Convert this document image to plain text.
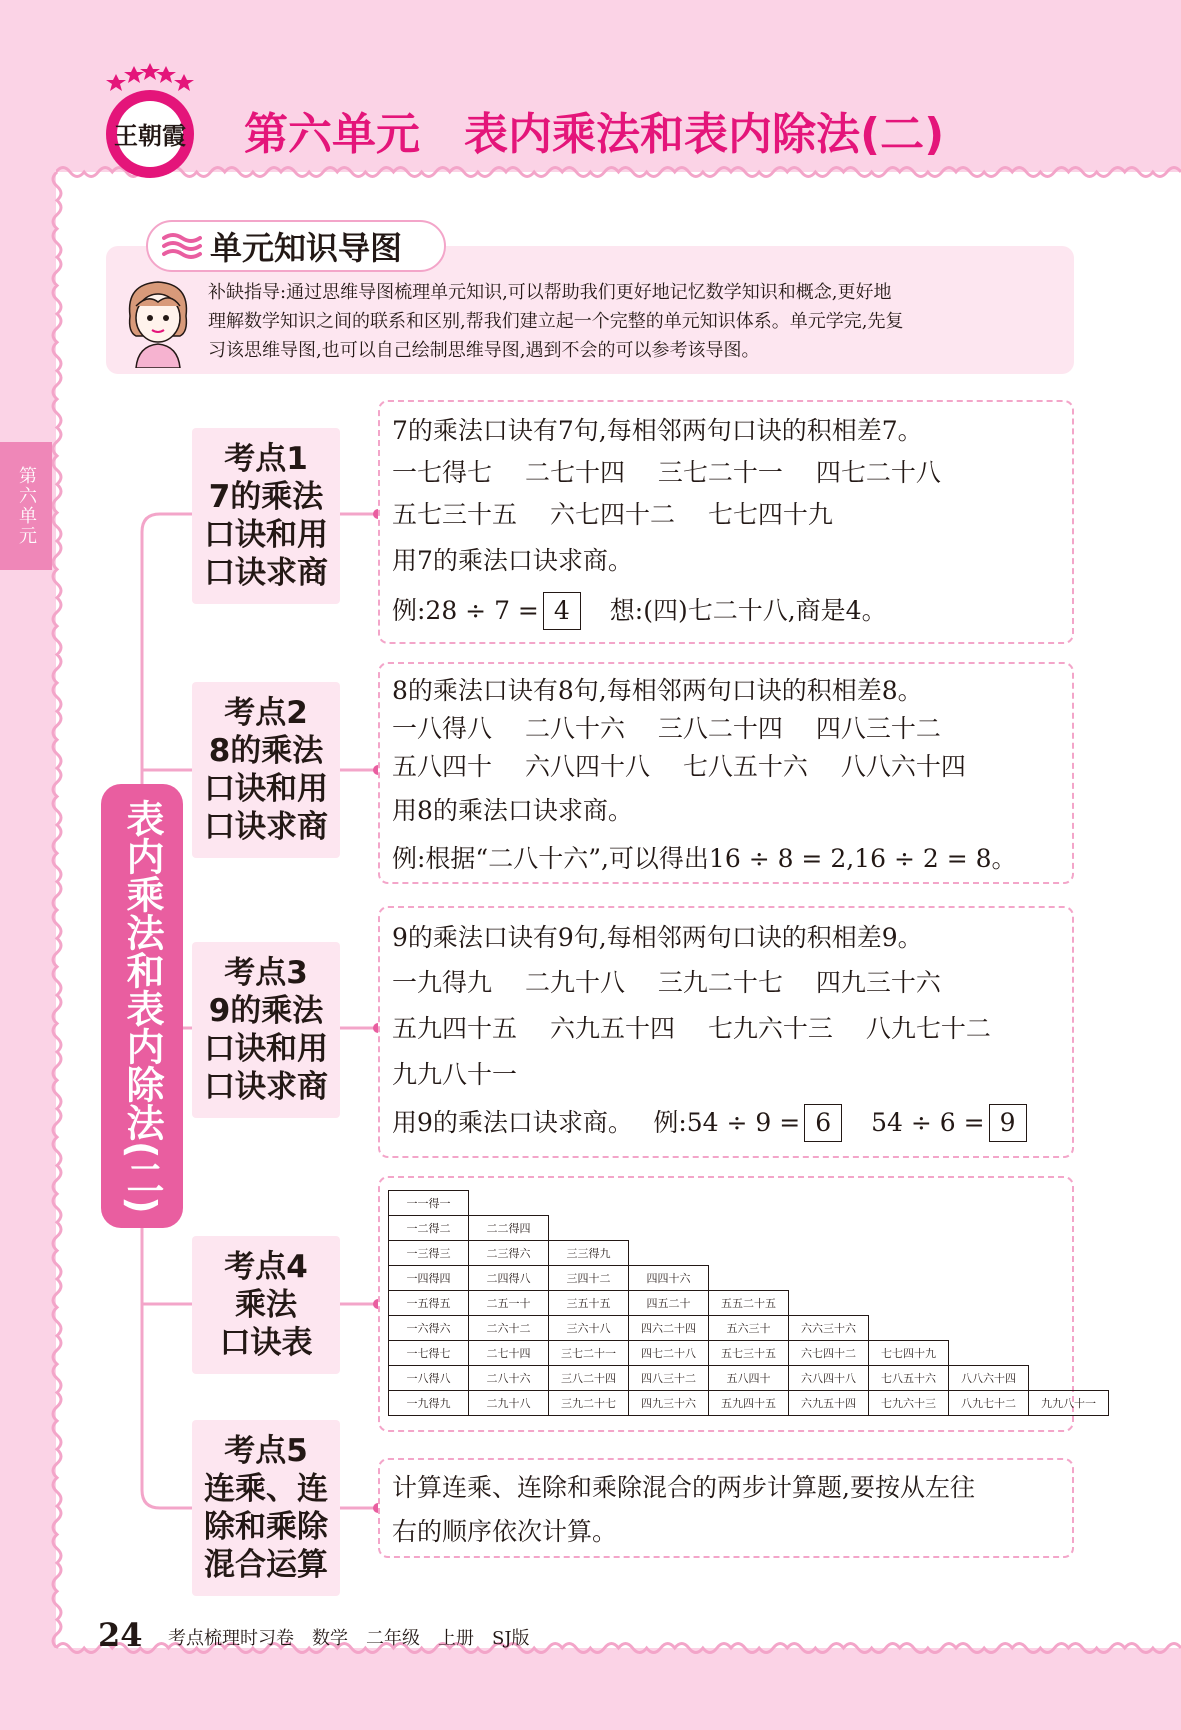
王朝霞 第六单元　表内乘法和表内除法(二)
第六单元
单元知识导图
补缺指导:通过思维导图梳理单元知识,可以帮助我们更好地记忆数学知识和概念,更好地
理解数学知识之间的联系和区别,帮我们建立起一个完整的单元知识体系。单元学完,先复
习该思维导图,也可以自己绘制思维导图,遇到不会的可以参考该导图。
表内乘法和表内除法(二)
考点1
7的乘法
口诀和用
口诀求商
考点2
8的乘法
口诀和用
口诀求商
考点3
9的乘法
口诀和用
口诀求商
考点4
乘法
口诀表
考点5
连乘、连
除和乘除
混合运算
7的乘法口诀有7句,每相邻两句口诀的积相差7。
一七得七　 二七十四　 三七二十一　 四七二十八
五七三十五　 六七四十二　 七七四十九
用7的乘法口诀求商。
例:28 ÷ 7 = 4　想:(四)七二十八,商是4。
8的乘法口诀有8句,每相邻两句口诀的积相差8。
一八得八　 二八十六　 三八二十四　 四八三十二
五八四十　 六八四十八　 七八五十六　 八八六十四
用8的乘法口诀求商。
例:根据“二八十六”,可以得出16 ÷ 8 = 2,16 ÷ 2 = 8。
9的乘法口诀有9句,每相邻两句口诀的积相差9。
一九得九　 二九十八　 三九二十七　 四九三十六
五九四十五　 六九五十四　 七九六十三　 八九七十二
九九八十一
用9的乘法口诀求商。　 例:54 ÷ 9 = 6　54 ÷ 6 = 9
一一得一								
一二得二	二二得四							
一三得三	二三得六	三三得九						
一四得四	二四得八	三四十二	四四十六					
一五得五	二五一十	三五十五	四五二十	五五二十五				
一六得六	二六十二	三六十八	四六二十四	五六三十	六六三十六			
一七得七	二七十四	三七二十一	四七二十八	五七三十五	六七四十二	七七四十九		
一八得八	二八十六	三八二十四	四八三十二	五八四十	六八四十八	七八五十六	八八六十四	
一九得九	二九十八	三九二十七	四九三十六	五九四十五	六九五十四	七九六十三	八九七十二	九九八十一
计算连乘、连除和乘除混合的两步计算题,要按从左往
右的顺序依次计算。
24 考点梳理时习卷　数学　二年级　上册　SJ版
